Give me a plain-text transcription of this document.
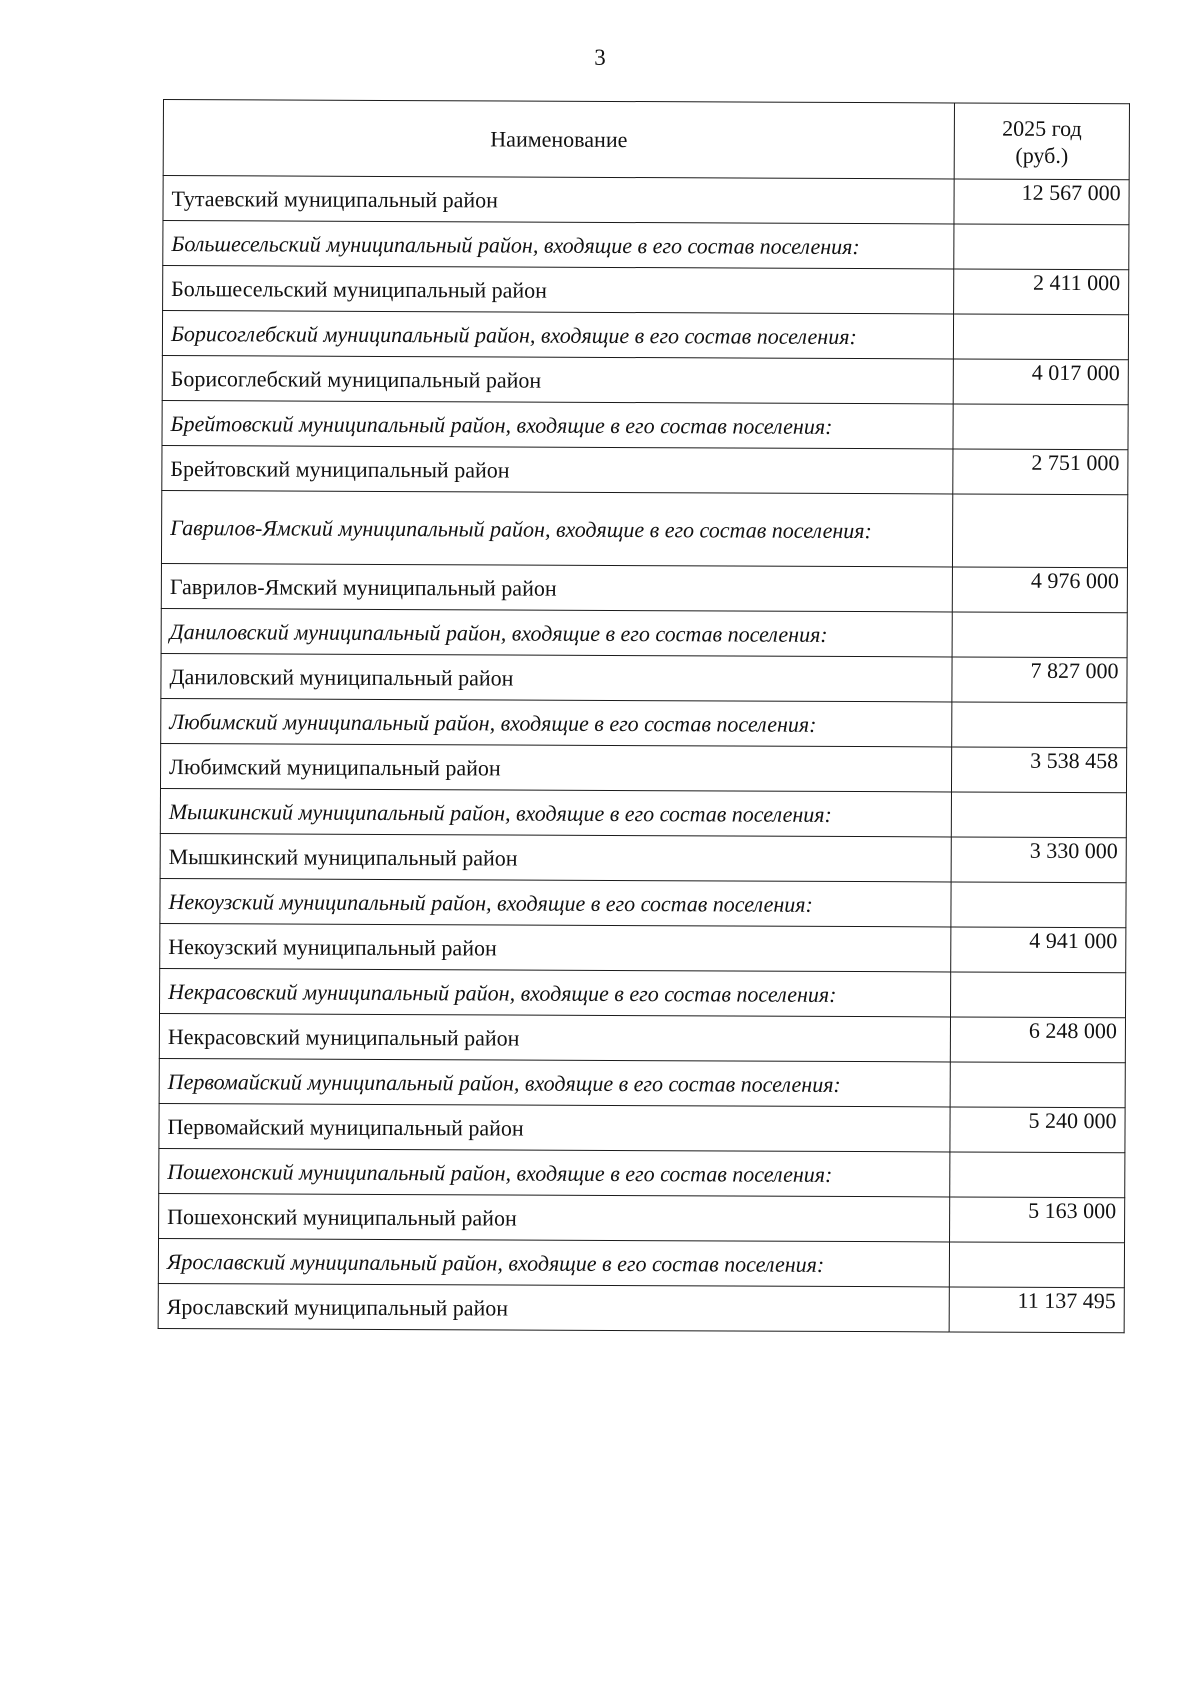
3
Наименование	2025 год
(руб.)

Тутаевский муниципальный район	12 567 000
Большесельский муниципальный район, входящие в его состав поселения:	
Большесельский муниципальный район	2 411 000
Борисоглебский муниципальный район, входящие в его состав поселения:	
Борисоглебский муниципальный район	4 017 000
Брейтовский муниципальный район, входящие в его состав поселения:	
Брейтовский муниципальный район	2 751 000
Гаврилов-Ямский муниципальный район, входящие в его состав поселения:	
Гаврилов-Ямский муниципальный район	4 976 000
Даниловский муниципальный район, входящие в его состав поселения:	
Даниловский муниципальный район	7 827 000
Любимский муниципальный район, входящие в его состав поселения:	
Любимский муниципальный район	3 538 458
Мышкинский муниципальный район, входящие в его состав поселения:	
Мышкинский муниципальный район	3 330 000
Некоузский муниципальный район, входящие в его состав поселения:	
Некоузский муниципальный район	4 941 000
Некрасовский муниципальный район, входящие в его состав поселения:	
Некрасовский муниципальный район	6 248 000
Первомайский муниципальный район, входящие в его состав поселения:	
Первомайский муниципальный район	5 240 000
Пошехонский муниципальный район, входящие в его состав поселения:	
Пошехонский муниципальный район	5 163 000
Ярославский муниципальный район, входящие в его состав поселения:	
Ярославский муниципальный район	11 137 495
